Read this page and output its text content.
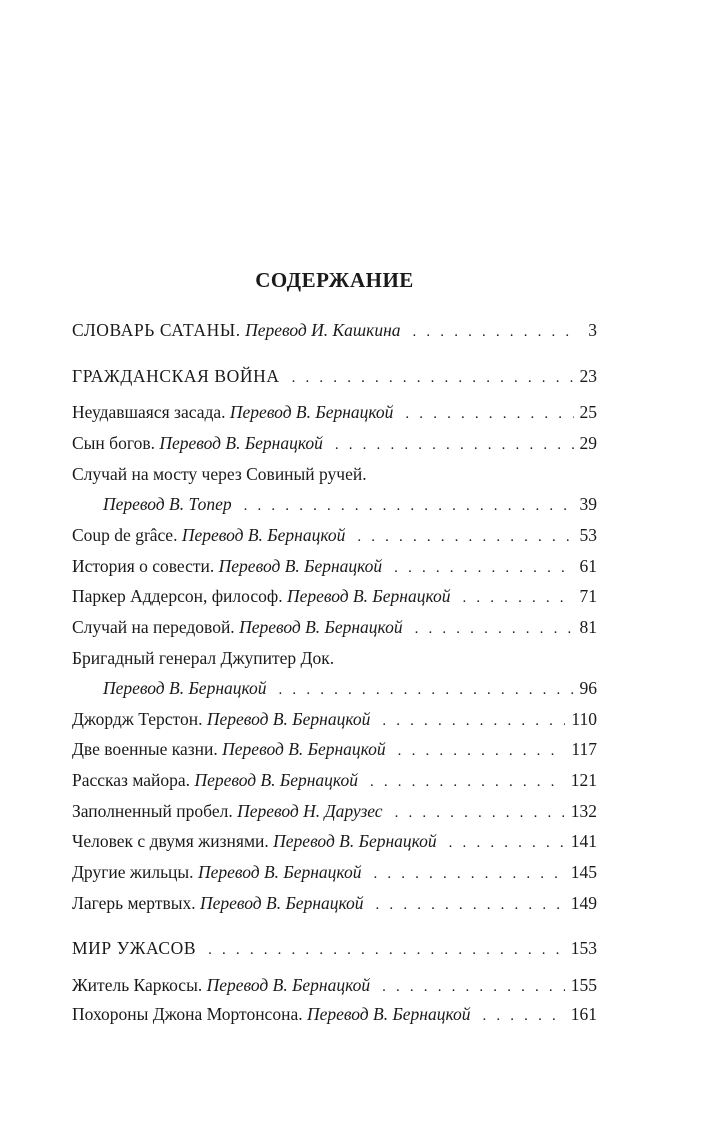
СОДЕРЖАНИЕ
СЛОВАРЬ САТАНЫ.
Перевод И. Кашкина . . .	3
ГРАЖДАНСКАЯ ВОЙНА . . .	23
Неудавшаяся засада.
Перевод В. Бернацкой . . .	25
Сын богов.
Перевод В. Бернацкой . . .	29
Случай на мосту через Совиный ручей.
Перевод В. Топер . . .	39
Coup de grâce.
Перевод В. Бернацкой . . .	53
История о совести.
Перевод В. Бернацкой . . .	61
Паркер Аддерсон, философ.
Перевод В. Бернацкой . . .	71
Случай на передовой.
Перевод В. Бернацкой . . .	81
Бригадный генерал Джупитер Док.
Перевод В. Бернацкой . . .	96
Джордж Терстон.
Перевод В. Бернацкой . . .	110
Две военные казни.
Перевод В. Бернацкой . . .	117
Рассказ майора.
Перевод В. Бернацкой . . .	121
Заполненный пробел.
Перевод Н. Дарузес . . .	132
Человек с двумя жизнями.
Перевод В. Бернацкой . . .	141
Другие жильцы.
Перевод В. Бернацкой . . .	145
Лагерь мертвых.
Перевод В. Бернацкой . . .	149
МИР УЖАСОВ . . .	153
Житель Каркосы.
Перевод В. Бернацкой . . .	155
Похороны Джона Мортонсона.
Перевод В. Бернацкой . . .	161
